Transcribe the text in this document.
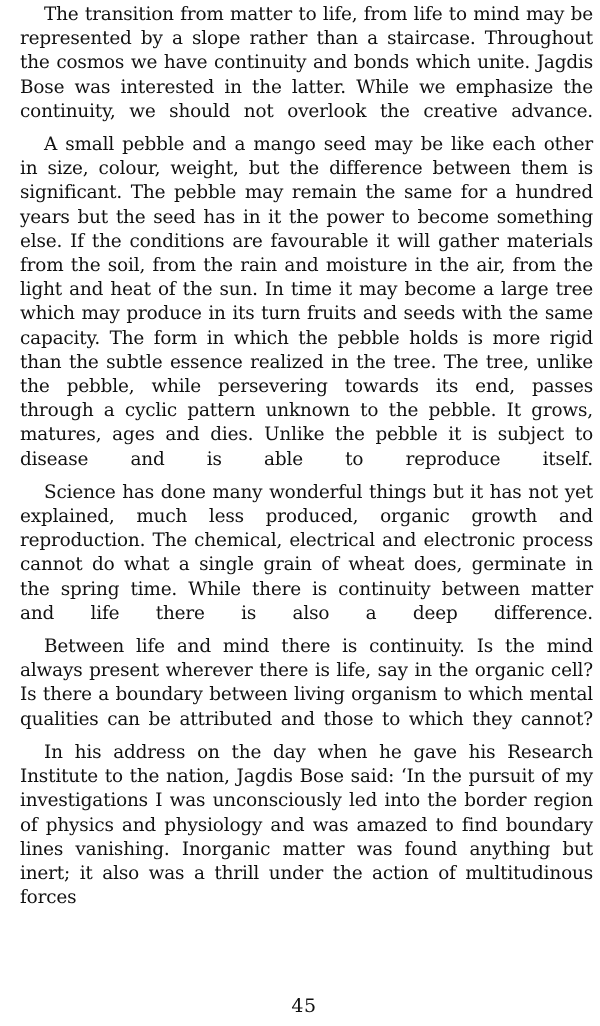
The transition from matter to life, from life to mind may be represented by a slope rather than a staircase. Throughout the cosmos we have continuity and bonds which unite. Jagdis Bose was interested in the latter. While we emphasize the continuity, we should not overlook the creative advance.

A small pebble and a mango seed may be like each other in size, colour, weight, but the difference between them is significant. The pebble may remain the same for a hundred years but the seed has in it the power to become something else. If the conditions are favourable it will gather materials from the soil, from the rain and moisture in the air, from the light and heat of the sun. In time it may become a large tree which may produce in its turn fruits and seeds with the same capacity. The form in which the pebble holds is more rigid than the subtle essence realized in the tree. The tree, unlike the pebble, while persevering towards its end, passes through a cyclic pattern unknown to the pebble. It grows, matures, ages and dies. Unlike the pebble it is subject to disease and is able to reproduce itself.

Science has done many wonderful things but it has not yet explained, much less produced, organic growth and reproduction. The chemical, electrical and electronic process cannot do what a single grain of wheat does, germinate in the spring time. While there is continuity between matter and life there is also a deep difference.

Between life and mind there is continuity. Is the mind always present wherever there is life, say in the organic cell? Is there a boundary between living organism to which mental qualities can be attributed and those to which they cannot?

In his address on the day when he gave his Research Institute to the nation, Jagdis Bose said: ‘In the pursuit of my investigations I was unconsciously led into the border region of physics and physiology and was amazed to find boundary lines vanishing. Inorganic matter was found anything but inert; it also was a thrill under the action of multitudinous forces

45
